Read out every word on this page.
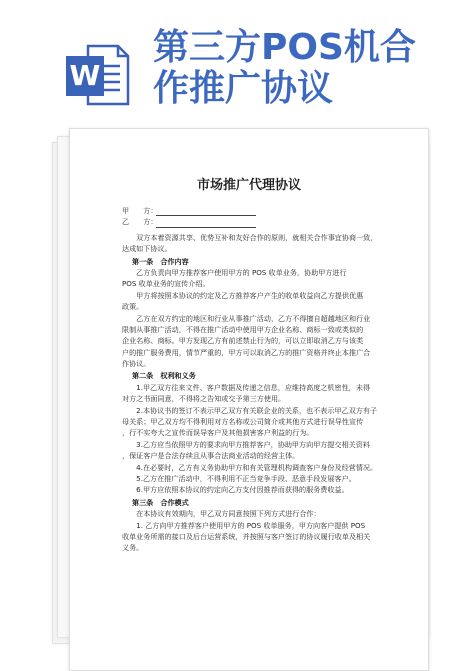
W
第三方POS机合
作推广协议
市场推广代理协议
甲　　方：
乙　　方：
　　双方本着资源共享、优势互补和友好合作的原则，就相关合作事宜协商一致，
达成如下协议。
第一条　合作内容
　　乙方负责向甲方推荐客户使用甲方的 POS 收单业务，协助甲方进行
POS 收单业务的宣传介绍。
　　甲方将按照本协议的约定及乙方推荐客户产生的收单收益向乙方提供优惠
政策。
　　乙方在双方约定的地区和行业从事推广活动，乙方不得擅自超越地区和行业
限制从事推广活动，不得在推广活动中使用甲方企业名称、商标一致或类似的
企业名称、商标。甲方发现乙方有前述禁止行为的，可以立即取消乙方与该类
户的推广服务费用，情节严重的，甲方可以取消乙方的推广资格并终止本推广合
作协议。
第二条　权利和义务
　　1.甲乙双方往来文件、客户数据及传递之信息，应维持高度之机密性，未得
对方之书面同意，不得将之告知或交予第三方使用。
　　2.本协议书的签订不表示甲乙双方有关联企业的关系，也不表示甲乙双方有子
母关系；甲乙双方均不得利用对方名称或公司简介或其他方式进行误导性宣传
，行不实夸大之宣传而误导客户及其他损害客户利益的行为。
　　3.乙方应当依照甲方的要求向甲方推荐客户，协助甲方向甲方提交相关资料
，保证客户是合法存续且从事合法商业活动的经营主体。
　　4.在必要时，乙方有义务协助甲方和有关管理机构调查客户身份及经营情况。
　　5.乙方在推广活动中，不得利用不正当竞争手段、恶意手段发展客户。
　　6.甲方应依照本协议的约定向乙方支付因推荐而获得的服务费收益。
第三条　合作模式
　　在本协议有效期内，甲乙双方同意按照下列方式进行合作：
　　1. 乙方向甲方推荐客户使用甲方的 POS 收单服务，甲方向客户提供 POS
收单业务所需的接口及后台运营系统，并按照与客户签订的协议履行收单及相关
义务。
